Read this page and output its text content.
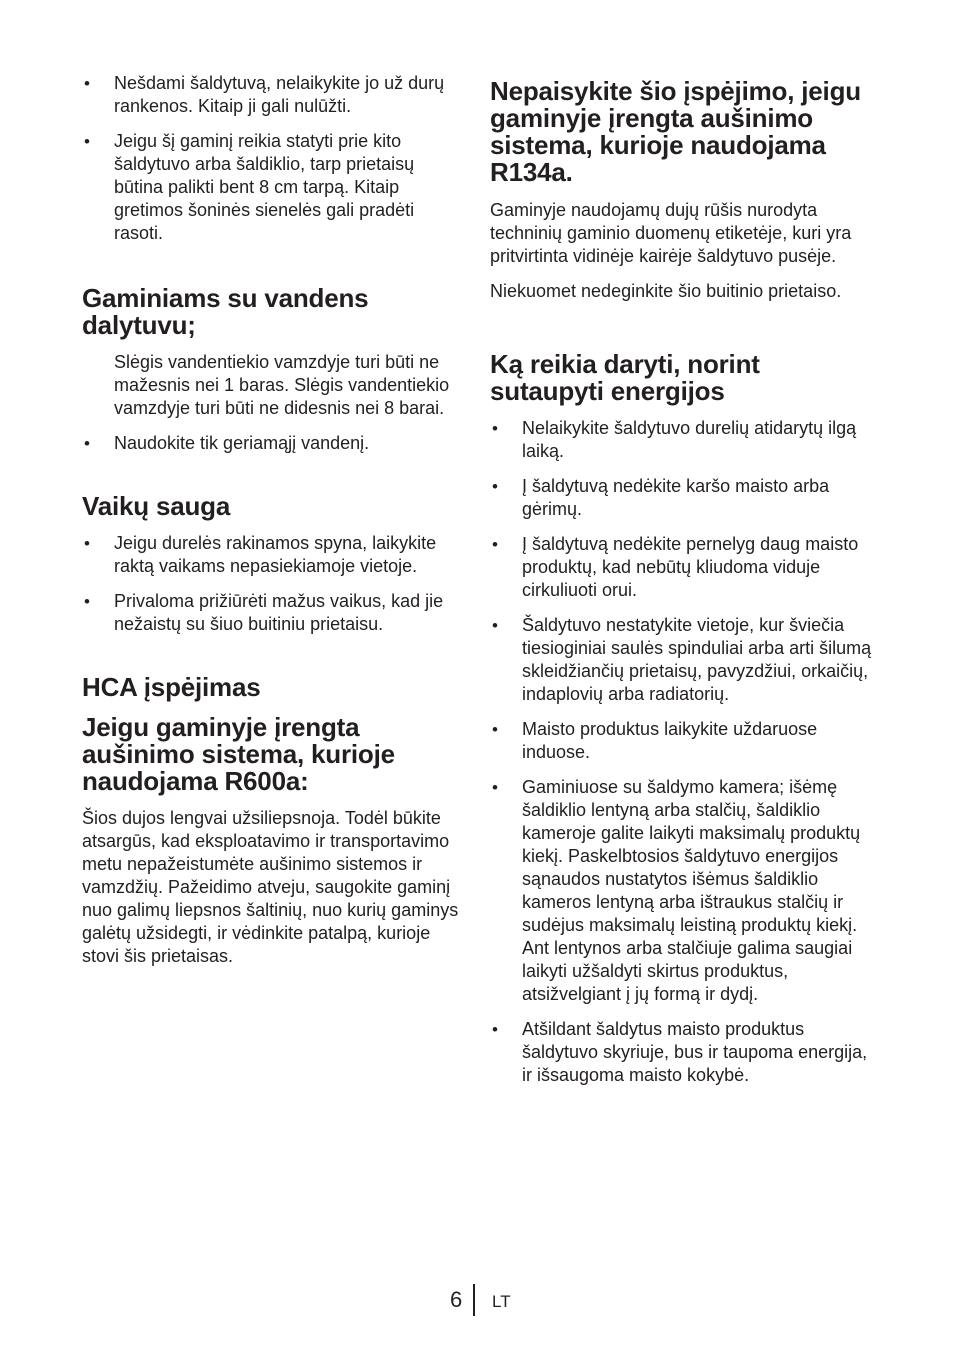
• Nešdami šaldytuvą, nelaikykite jo už durų rankenos. Kitaip ji gali nulūžti.
• Jeigu šį gaminį reikia statyti prie kito šaldytuvo arba šaldiklio, tarp prietaisų būtina palikti bent 8 cm tarpą. Kitaip gretimos šoninės sienelės gali pradėti rasoti.
Gaminiams su vandens dalytuvu;

Slėgis vandentiekio vamzdyje turi būti ne mažesnis nei 1 baras. Slėgis vandentiekio vamzdyje turi būti ne didesnis nei 8 barai.

• Naudokite tik geriamąjį vandenį.
Vaikų sauga
• Jeigu durelės rakinamos spyna, laikykite raktą vaikams nepasiekiamoje vietoje.
• Privaloma prižiūrėti mažus vaikus, kad jie nežaistų su šiuo buitiniu prietaisu.
HCA įspėjimas
Jeigu gaminyje įrengta aušinimo sistema, kurioje naudojama R600a:

Šios dujos lengvai užsiliepsnoja. Todėl būkite atsargūs, kad eksploatavimo ir transportavimo metu nepažeistumėte aušinimo sistemos ir vamzdžių. Pažeidimo atveju, saugokite gaminį nuo galimų liepsnos šaltinių, nuo kurių gaminys galėtų užsidegti, ir vėdinkite patalpą, kurioje stovi šis prietaisas.

Nepaisykite šio įspėjimo, jeigu gaminyje įrengta aušinimo sistema, kurioje naudojama R134a.

Gaminyje naudojamų dujų rūšis nurodyta techninių gaminio duomenų etiketėje, kuri yra pritvirtinta vidinėje kairėje šaldytuvo pusėje.

Niekuomet nedeginkite šio buitinio prietaiso.

Ką reikia daryti, norint sutaupyti energijos
• Nelaikykite šaldytuvo durelių atidarytų ilgą laiką.
• Į šaldytuvą nedėkite karšo maisto arba gėrimų.
• Į šaldytuvą nedėkite pernelyg daug maisto produktų, kad nebūtų kliudoma viduje cirkuliuoti orui.
• Šaldytuvo nestatykite vietoje, kur šviečia tiesioginiai saulės spinduliai arba arti šilumą skleidžiančių prietaisų, pavyzdžiui, orkaičių, indaplovių arba radiatorių.
• Maisto produktus laikykite uždaruose induose.
• Gaminiuose su šaldymo kamera; išėmę šaldiklio lentyną arba stalčių, šaldiklio kameroje galite laikyti maksimalų produktų kiekį. Paskelbtosios šaldytuvo energijos sąnaudos nustatytos išėmus šaldiklio kameros lentyną arba ištraukus stalčių ir sudėjus maksimalų leistiną produktų kiekį. Ant lentynos arba stalčiuje galima saugiai laikyti užšaldyti skirtus produktus, atsižvelgiant į jų formą ir dydį.
• Atšildant šaldytus maisto produktus šaldytuvo skyriuje, bus ir taupoma energija, ir išsaugoma maisto kokybė.
6 LT
